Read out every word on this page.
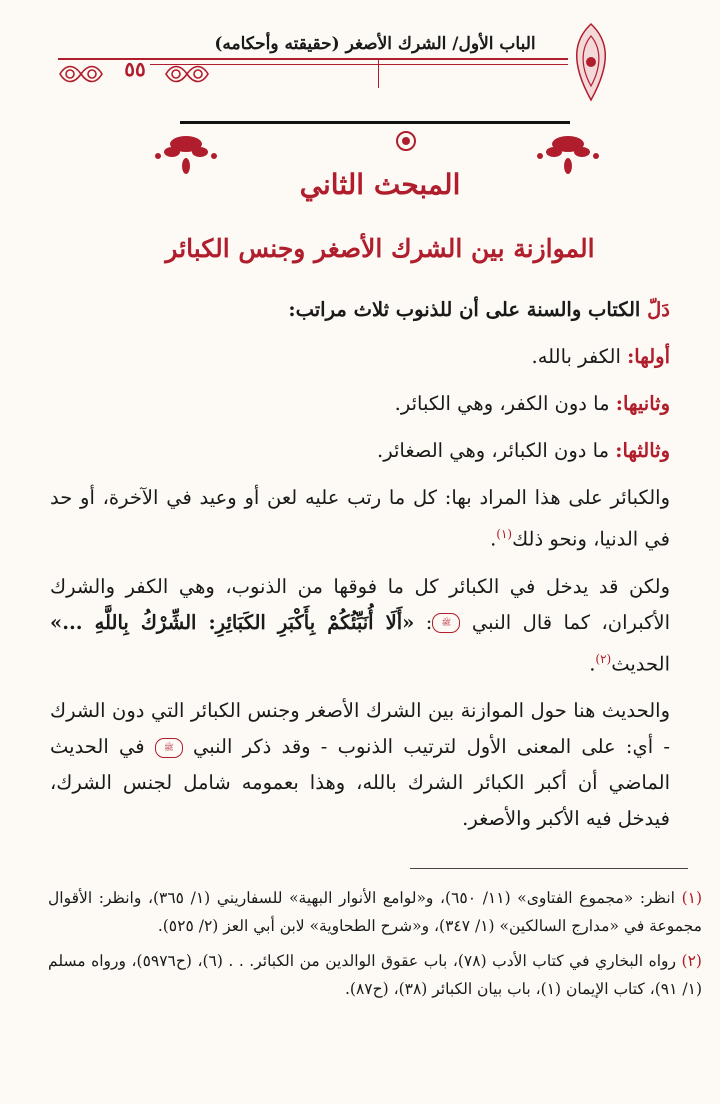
الباب الأول/ الشرك الأصغر (حقيقته وأحكامه)
٥٥
المبحث الثاني
الموازنة بين الشرك الأصغر وجنس الكبائر

دَلّ الكتاب والسنة على أن للذنوب ثلاث مراتب:

أولها: الكفر بالله.

وثانيها: ما دون الكفر، وهي الكبائر.

وثالثها: ما دون الكبائر، وهي الصغائر.

والكبائر على هذا المراد بها: كل ما رتب عليه لعن أو وعيد في الآخرة، أو حد في الدنيا، ونحو ذلك$^{(١)}$.

ولكن قد يدخل في الكبائر كل ما فوقها من الذنوب، وهي الكفر والشرك الأكبران، كما قال النبي ﷺ: «أَلَا أُنَبِّئُكُمْ بِأَكْبَرِ الكَبَائِرِ: الشِّرْكُ بِاللَّهِ ...» الحديث$^{(٢)}$.

والحديث هنا حول الموازنة بين الشرك الأصغر وجنس الكبائر التي دون الشرك - أي: على المعنى الأول لترتيب الذنوب - وقد ذكر النبي ﷺ في الحديث الماضي أن أكبر الكبائر الشرك بالله، وهذا بعمومه شامل لجنس الشرك، فيدخل فيه الأكبر والأصغر.

(١) انظر: «مجموع الفتاوى» (١١/ ٦٥٠)، و«لوامع الأنوار البهية» للسفاريني (١/ ٣٦٥)، وانظر: الأقوال مجموعة في «مدارج السالكين» (١/ ٣٤٧)، و«شرح الطحاوية» لابن أبي العز (٢/ ٥٢٥).

(٢) رواه البخاري في كتاب الأدب (٧٨)، باب عقوق الوالدين من الكبائر. . . (٦)، (ح٥٩٧٦)، ورواه مسلم (١/ ٩١)، كتاب الإيمان (١)، باب بيان الكبائر (٣٨)، (ح٨٧).
